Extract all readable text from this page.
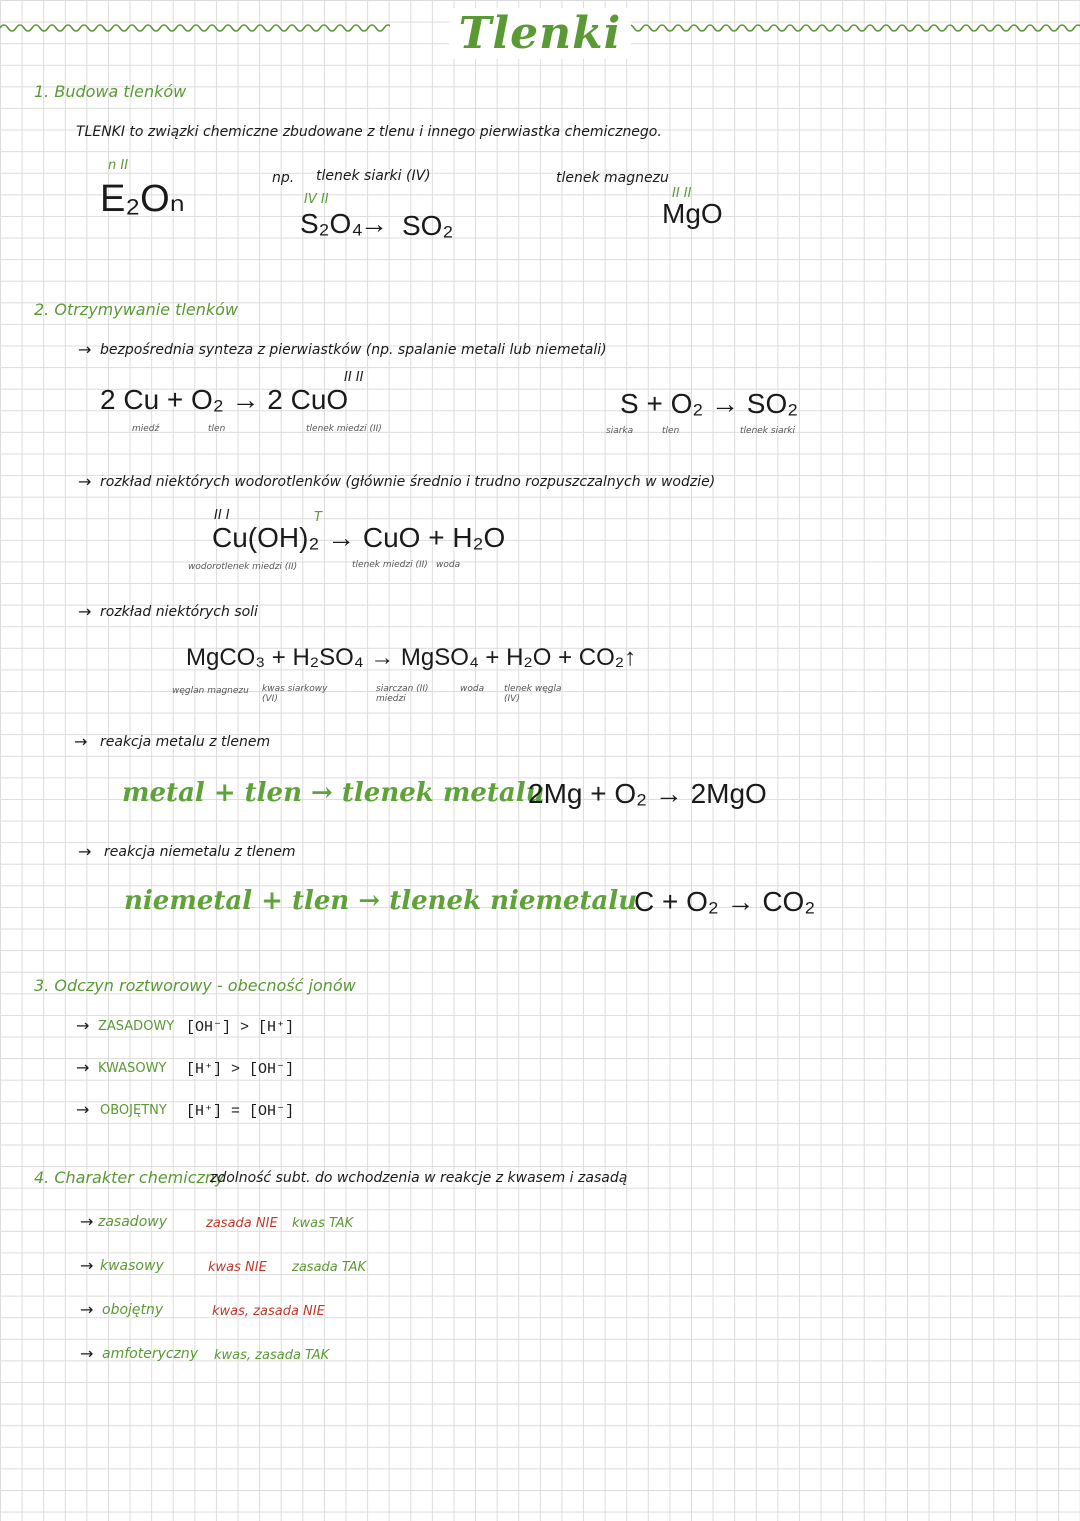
Tlenki
1. Budowa tlenków
TLENKI to związki chemiczne zbudowane z tlenu i innego pierwiastka chemicznego.
n II
E₂Oₙ	np. tlenek siarki (IV)
IV II
S₂O₄
→ SO₂
tlenek magnezu
II II
MgO
2. Otrzymywanie tlenków
→ bezpośrednia synteza z pierwiastków (np. spalanie metali lub niemetali)
II II
2 Cu + O₂ → 2 CuO
miedź	tlen	tlenek miedzi (II)
S + O₂ → SO₂
siarka	tlen	tlenek siarki
→ rozkład niektórych wodorotlenków (głównie średnio i trudno rozpuszczalnych w wodzie)
II I	T
Cu(OH)₂ → CuO + H₂O
wodorotlenek miedzi (II)	tlenek miedzi (II) woda
→ rozkład niektórych soli
MgCO₃ + H₂SO₄ → MgSO₄ + H₂O + CO₂↑
węglan magnezu kwas siarkowy (VI)
siarczan (II) miedzi
woda tlenek węgla (IV)
→ reakcja metalu z tlenem
metal + tlen → tlenek metalu
2Mg + O₂ → 2MgO
→ reakcja niemetalu z tlenem
niemetal + tlen → tlenek niemetalu
C + O₂ → CO₂
3. Odczyn roztworowy - obecność jonów
→ ZASADOWY [OH⁻] > [H⁺]
→ KWASOWY [H⁺] > [OH⁻]
→ OBOJĘTNY [H⁺] = [OH⁻]
4. Charakter chemiczny
zdolność subt. do wchodzenia w reakcje z kwasem i zasadą
→ zasadowy	zasada NIE kwas TAK
→ kwasowy	kwas NIE zasada TAK
→ obojętny	kwas, zasada NIE
→ amfoteryczny kwas, zasada TAK
